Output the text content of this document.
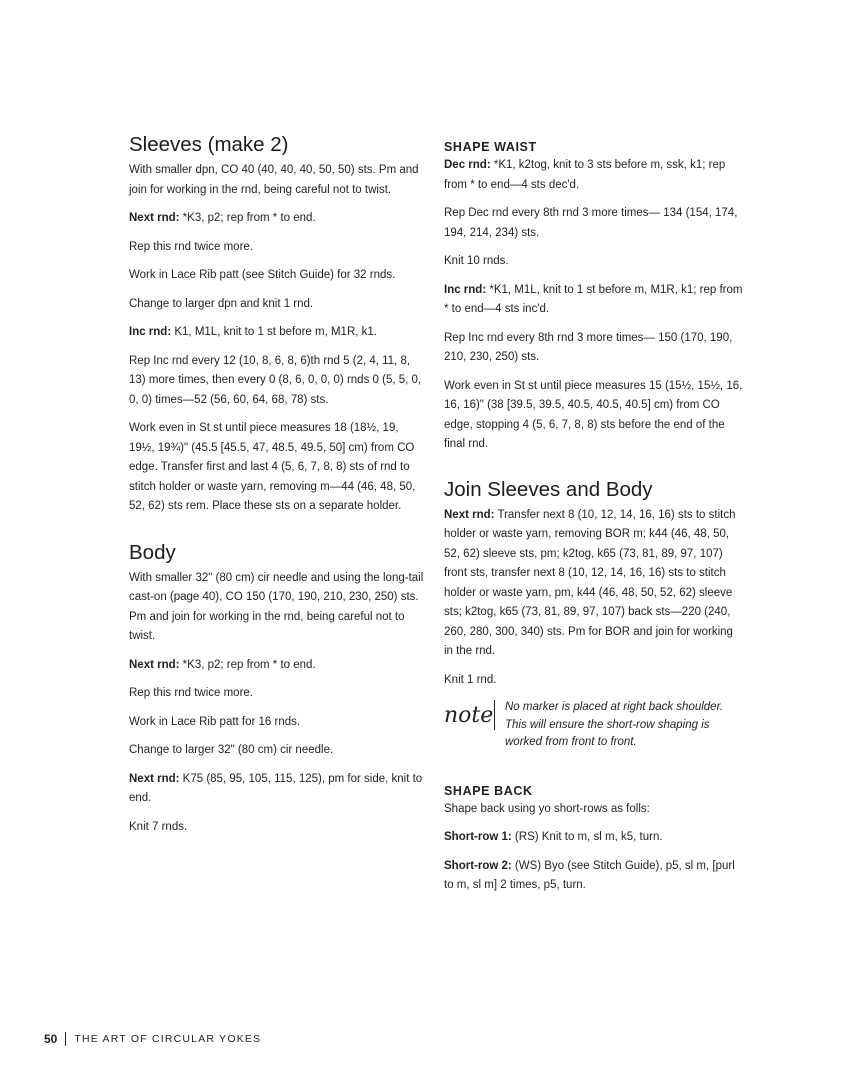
Sleeves (make 2)

With smaller dpn, CO 40 (40, 40, 40, 50, 50) sts. Pm and join for working in the rnd, being careful not to twist.

Next rnd: *K3, p2; rep from * to end.

Rep this rnd twice more.

Work in Lace Rib patt (see Stitch Guide) for 32 rnds.

Change to larger dpn and knit 1 rnd.

Inc rnd: K1, M1L, knit to 1 st before m, M1R, k1.

Rep Inc rnd every 12 (10, 8, 6, 8, 6)th rnd 5 (2, 4, 11, 8, 13) more times, then every 0 (8, 6, 0, 0, 0) rnds 0 (5, 5, 0, 0, 0) times—52 (56, 60, 64, 68, 78) sts.

Work even in St st until piece measures 18 (18½, 19, 19½, 19¾)" (45.5 [45.5, 47, 48.5, 49.5, 50] cm) from CO edge. Transfer first and last 4 (5, 6, 7, 8, 8) sts of rnd to stitch holder or waste yarn, removing m—44 (46, 48, 50, 52, 62) sts rem. Place these sts on a separate holder.

Body

With smaller 32" (80 cm) cir needle and using the long-tail cast-on (page 40), CO 150 (170, 190, 210, 230, 250) sts. Pm and join for working in the rnd, being careful not to twist.

Next rnd: *K3, p2; rep from * to end.

Rep this rnd twice more.

Work in Lace Rib patt for 16 rnds.

Change to larger 32" (80 cm) cir needle.

Next rnd: K75 (85, 95, 105, 115, 125), pm for side, knit to end.

Knit 7 rnds.

SHAPE WAIST

Dec rnd: *K1, k2tog, knit to 3 sts before m, ssk, k1; rep from * to end—4 sts dec'd.

Rep Dec rnd every 8th rnd 3 more times— 134 (154, 174, 194, 214, 234) sts.

Knit 10 rnds.

Inc rnd: *K1, M1L, knit to 1 st before m, M1R, k1; rep from * to end—4 sts inc'd.

Rep Inc rnd every 8th rnd 3 more times— 150 (170, 190, 210, 230, 250) sts.

Work even in St st until piece measures 15 (15½, 15½, 16, 16, 16)" (38 [39.5, 39.5, 40.5, 40.5, 40.5] cm) from CO edge, stopping 4 (5, 6, 7, 8, 8) sts before the end of the final rnd.

Join Sleeves and Body

Next rnd: Transfer next 8 (10, 12, 14, 16, 16) sts to stitch holder or waste yarn, removing BOR m; k44 (46, 48, 50, 52, 62) sleeve sts, pm; k2tog, k65 (73, 81, 89, 97, 107) front sts, transfer next 8 (10, 12, 14, 16, 16) sts to stitch holder or waste yarn, pm, k44 (46, 48, 50, 52, 62) sleeve sts; k2tog, k65 (73, 81, 89, 97, 107) back sts—220 (240, 260, 280, 300, 340) sts. Pm for BOR and join for working in the rnd.

Knit 1 rnd.

note No marker is placed at right back shoulder. This will ensure the short-row shaping is worked from front to front.
SHAPE BACK

Shape back using yo short-rows as folls:

Short-row 1: (RS) Knit to m, sl m, k5, turn.

Short-row 2: (WS) Byo (see Stitch Guide), p5, sl m, [purl to m, sl m] 2 times, p5, turn.

50 THE ART OF CIRCULAR YOKES
